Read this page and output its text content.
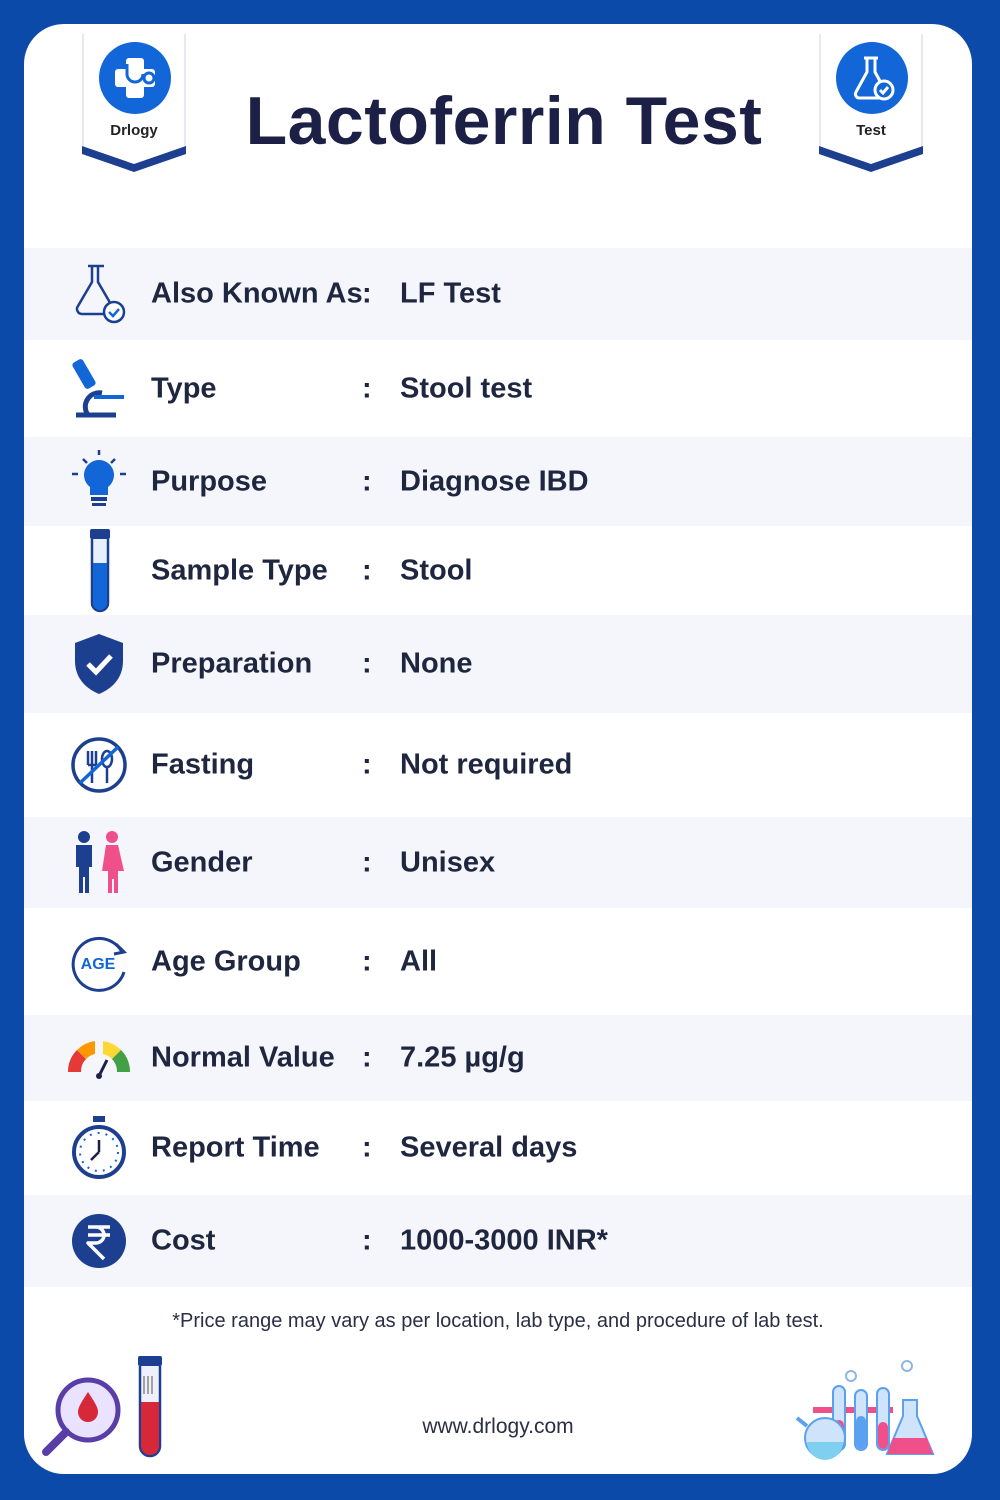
Drlogy	Lactoferrin Test	Test
Also Known As : LF Test
Type	: Stool test
Purpose	: Diagnose IBD
Sample Type : Stool
Preparation : None
Fasting	: Not required
Gender	: Unisex
AGE Age Group : All
Normal Value : 7.25 µg/g
Report Time : Several days
Cost	: 1000-3000 INR*
*Price range may vary as per location, lab type, and procedure of lab test.
www.drlogy.com
